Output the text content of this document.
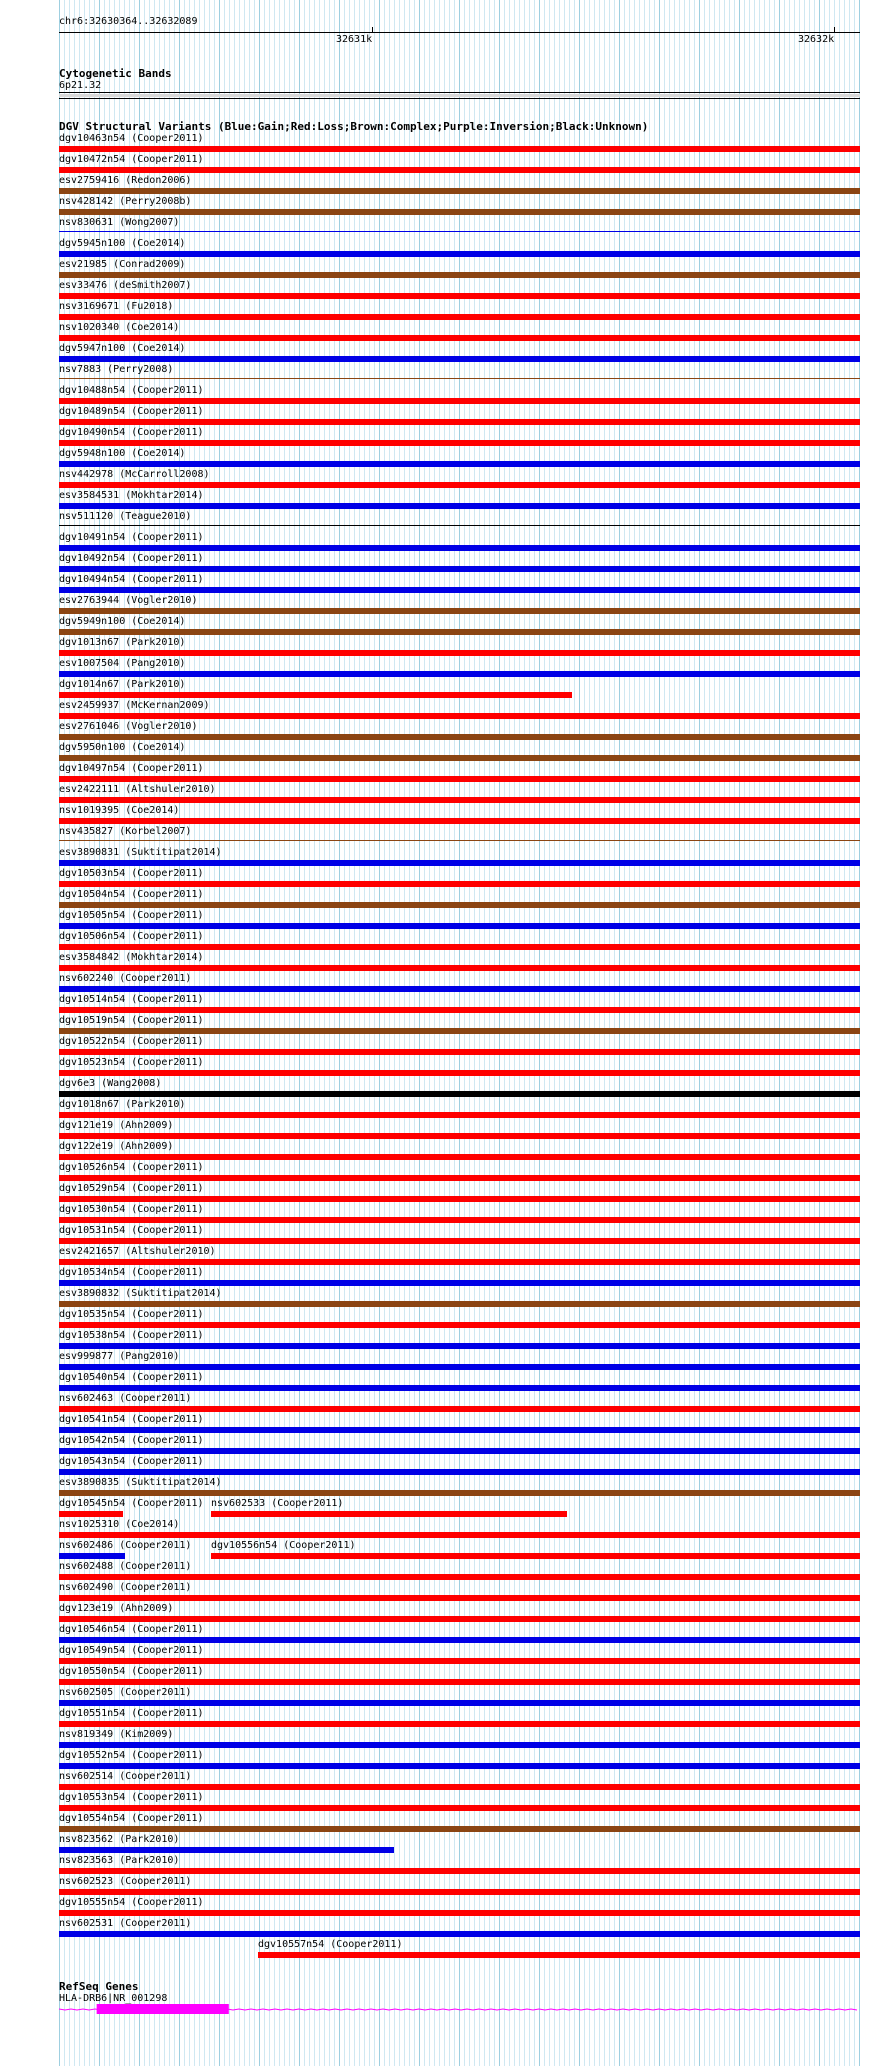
chr6:32630364..32632089
32631k	32632k
Cytogenetic Bands
6p21.32
DGV Structural Variants (Blue:Gain;Red:Loss;Brown:Complex;Purple:Inversion;Black:Unknown)
dgv10463n54 (Cooper2011)
dgv10472n54 (Cooper2011)
esv2759416 (Redon2006)
nsv428142 (Perry2008b)
nsv830631 (Wong2007)
dgv5945n100 (Coe2014)
esv21985 (Conrad2009)
esv33476 (deSmith2007)
nsv3169671 (Fu2018)
nsv1020340 (Coe2014)
dgv5947n100 (Coe2014)
nsv7883 (Perry2008)
dgv10488n54 (Cooper2011)
dgv10489n54 (Cooper2011)
dgv10490n54 (Cooper2011)
dgv5948n100 (Coe2014)
nsv442978 (McCarroll2008)
esv3584531 (Mokhtar2014)
nsv511120 (Teague2010)
dgv10491n54 (Cooper2011)
dgv10492n54 (Cooper2011)
dgv10494n54 (Cooper2011)
esv2763944 (Vogler2010)
dgv5949n100 (Coe2014)
dgv1013n67 (Park2010)
esv1007504 (Pang2010)
dgv1014n67 (Park2010)
esv2459937 (McKernan2009)
esv2761046 (Vogler2010)
dgv5950n100 (Coe2014)
dgv10497n54 (Cooper2011)
esv2422111 (Altshuler2010)
nsv1019395 (Coe2014)
nsv435827 (Korbel2007)
esv3890831 (Suktitipat2014)
dgv10503n54 (Cooper2011)
dgv10504n54 (Cooper2011)
dgv10505n54 (Cooper2011)
dgv10506n54 (Cooper2011)
esv3584842 (Mokhtar2014)
nsv602240 (Cooper2011)
dgv10514n54 (Cooper2011)
dgv10519n54 (Cooper2011)
dgv10522n54 (Cooper2011)
dgv10523n54 (Cooper2011)
dgv6e3 (Wang2008)
dgv1018n67 (Park2010)
dgv121e19 (Ahn2009)
dgv122e19 (Ahn2009)
dgv10526n54 (Cooper2011)
dgv10529n54 (Cooper2011)
dgv10530n54 (Cooper2011)
dgv10531n54 (Cooper2011)
esv2421657 (Altshuler2010)
dgv10534n54 (Cooper2011)
esv3890832 (Suktitipat2014)
dgv10535n54 (Cooper2011)
dgv10538n54 (Cooper2011)
esv999877 (Pang2010)
dgv10540n54 (Cooper2011)
nsv602463 (Cooper2011)
dgv10541n54 (Cooper2011)
dgv10542n54 (Cooper2011)
dgv10543n54 (Cooper2011)
esv3890835 (Suktitipat2014)
dgv10545n54 (Cooper2011) nsv602533 (Cooper2011)
nsv1025310 (Coe2014)
nsv602486 (Cooper2011) dgv10556n54 (Cooper2011)
nsv602488 (Cooper2011)
nsv602490 (Cooper2011)
dgv123e19 (Ahn2009)
dgv10546n54 (Cooper2011)
dgv10549n54 (Cooper2011)
dgv10550n54 (Cooper2011)
nsv602505 (Cooper2011)
dgv10551n54 (Cooper2011)
nsv819349 (Kim2009)
dgv10552n54 (Cooper2011)
nsv602514 (Cooper2011)
dgv10553n54 (Cooper2011)
dgv10554n54 (Cooper2011)
nsv823562 (Park2010)
nsv823563 (Park2010)
nsv602523 (Cooper2011)
dgv10555n54 (Cooper2011)
nsv602531 (Cooper2011)
dgv10557n54 (Cooper2011)
RefSeq Genes
HLA-DRB6|NR_001298
